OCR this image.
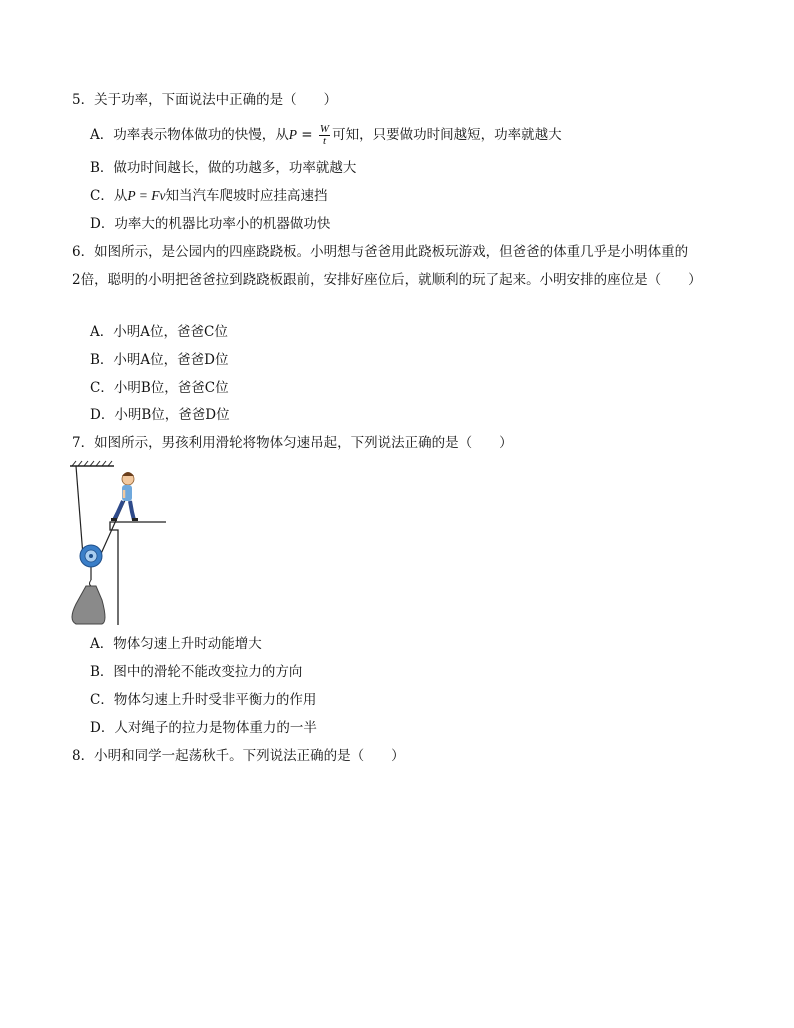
5．关于功率，下面说法中正确的是（　　）
A．功率表示物体做功的快慢，从$P = \frac{W}{t}$ 可知，只要做功时间越短，功率就越大
B．做功时间越长，做的功越多，功率就越大
C．从P = Fv知当汽车爬坡时应挂高速挡
D．功率大的机器比功率小的机器做功快
6．如图所示，是公园内的四座跷跷板。小明想与爸爸用此跷板玩游戏，但爸爸的体重几乎是小明体重的
2倍，聪明的小明把爸爸拉到跷跷板跟前，安排好座位后，就顺利的玩了起来。小明安排的座位是（　　）
A．小明A位，爸爸C位
B．小明A位，爸爸D位
C．小明B位，爸爸C位
D．小明B位，爸爸D位
7．如图所示，男孩利用滑轮将物体匀速吊起，下列说法正确的是（　　）
A．物体匀速上升时动能增大
B．图中的滑轮不能改变拉力的方向
C．物体匀速上升时受非平衡力的作用
D．人对绳子的拉力是物体重力的一半
8．小明和同学一起荡秋千。下列说法正确的是（　　）
